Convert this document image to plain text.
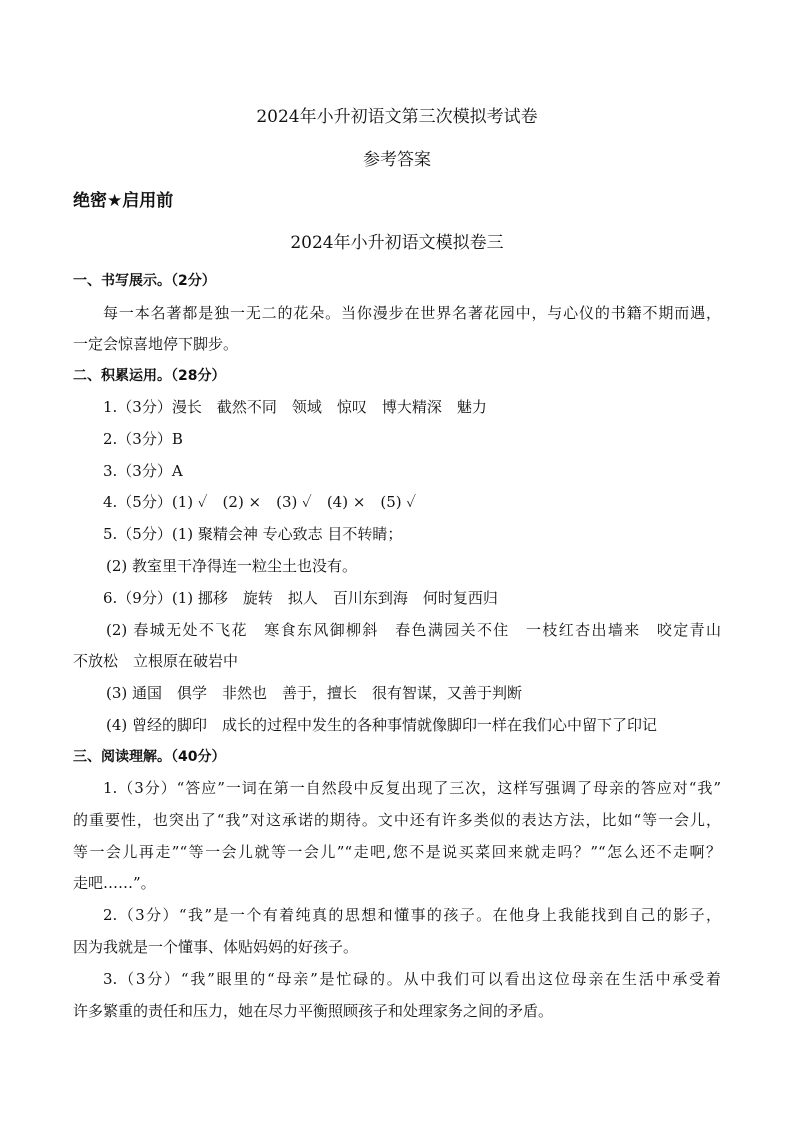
2024年小升初语文第三次模拟考试卷
参考答案
绝密★启用前
2024年小升初语文模拟卷三
一、书写展示。（2分）
每一本名著都是独一无二的花朵。当你漫步在世界名著花园中，与心仪的书籍不期而遇，
一定会惊喜地停下脚步。
二、积累运用。（28分）
1.（3分）漫长　截然不同　领域　惊叹　博大精深　魅力
2.（3分）B
3.（3分）A
4.（5分）(1) ✓　(2) ×　(3) ✓　(4) ×　(5) ✓
5.（5分）(1) 聚精会神 专心致志 目不转睛；
(2) 教室里干净得连一粒尘土也没有。
6.（9分）(1) 挪移　旋转　拟人　百川东到海　何时复西归
(2) 春城无处不飞花　寒食东风御柳斜　春色满园关不住　一枝红杏出墙来　咬定青山
不放松　立根原在破岩中
(3) 通国　俱学　非然也　善于，擅长　很有智谋，又善于判断
(4) 曾经的脚印　成长的过程中发生的各种事情就像脚印一样在我们心中留下了印记
三、阅读理解。（40分）
1.（3分）“答应”一词在第一自然段中反复出现了三次，这样写强调了母亲的答应对“我”
的重要性，也突出了“我”对这承诺的期待。文中还有许多类似的表达方法，比如“等一会儿，
等一会儿再走”“等一会儿就等一会儿”“走吧,您不是说买菜回来就走吗？”“怎么还不走啊？
走吧……”。
2.（3分）“我”是一个有着纯真的思想和懂事的孩子。在他身上我能找到自己的影子，
因为我就是一个懂事、体贴妈妈的好孩子。
3.（3分）“我”眼里的“母亲”是忙碌的。从中我们可以看出这位母亲在生活中承受着
许多繁重的责任和压力，她在尽力平衡照顾孩子和处理家务之间的矛盾。
